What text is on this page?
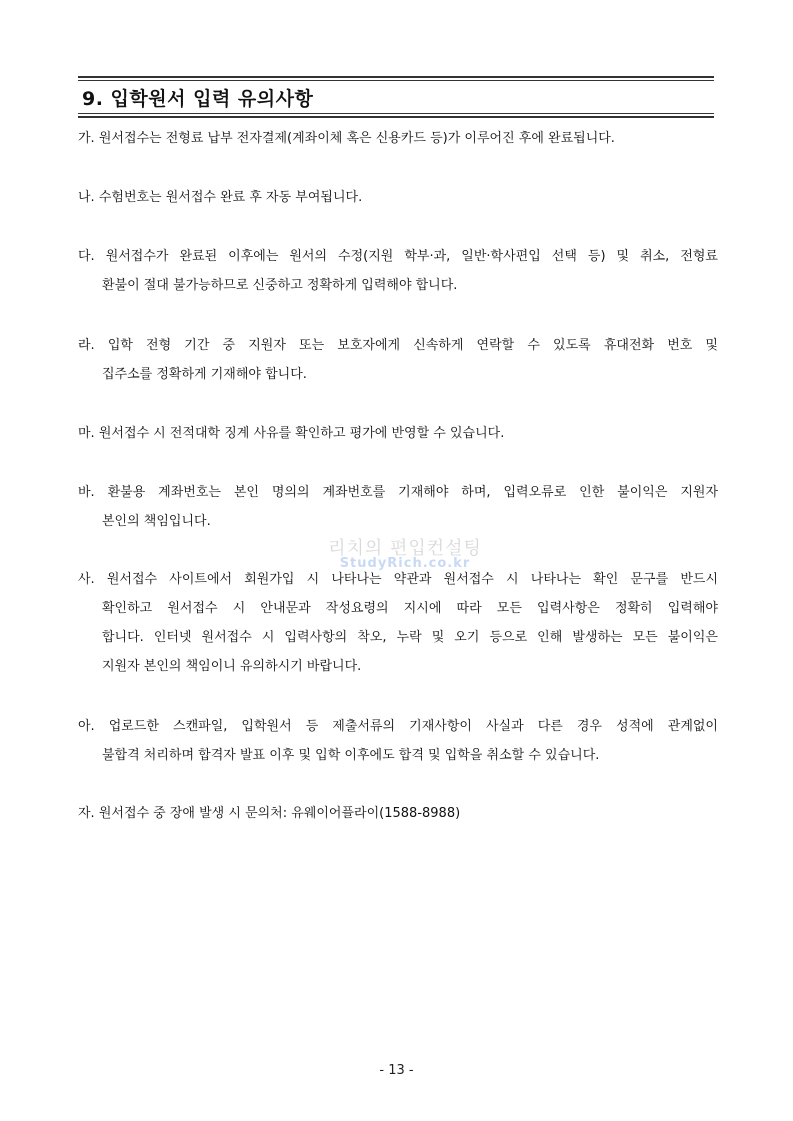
9. 입학원서 입력 유의사항
가. 원서접수는 전형료 납부 전자결제(계좌이체 혹은 신용카드 등)가 이루어진 후에 완료됩니다.
나. 수험번호는 원서접수 완료 후 자동 부여됩니다.
다. 원서접수가 완료된 이후에는 원서의 수정(지원 학부·과, 일반·학사편입 선택 등) 및 취소, 전형료
환불이 절대 불가능하므로 신중하고 정확하게 입력해야 합니다.
라. 입학 전형 기간 중 지원자 또는 보호자에게 신속하게 연락할 수 있도록 휴대전화 번호 및
집주소를 정확하게 기재해야 합니다.
마. 원서접수 시 전적대학 징계 사유를 확인하고 평가에 반영할 수 있습니다.
바. 환불용 계좌번호는 본인 명의의 계좌번호를 기재해야 하며, 입력오류로 인한 불이익은 지원자
본인의 책임입니다.
사. 원서접수 사이트에서 회원가입 시 나타나는 약관과 원서접수 시 나타나는 확인 문구를 반드시
확인하고 원서접수 시 안내문과 작성요령의 지시에 따라 모든 입력사항은 정확히 입력해야
합니다. 인터넷 원서접수 시 입력사항의 착오, 누락 및 오기 등으로 인해 발생하는 모든 불이익은
지원자 본인의 책임이니 유의하시기 바랍니다.
아. 업로드한 스캔파일, 입학원서 등 제출서류의 기재사항이 사실과 다른 경우 성적에 관계없이
불합격 처리하며 합격자 발표 이후 및 입학 이후에도 합격 및 입학을 취소할 수 있습니다.
자. 원서접수 중 장애 발생 시 문의처: 유웨이어플라이(1588-8988)
리치의 편입컨설팅
StudyRich.co.kr
- 13 -
